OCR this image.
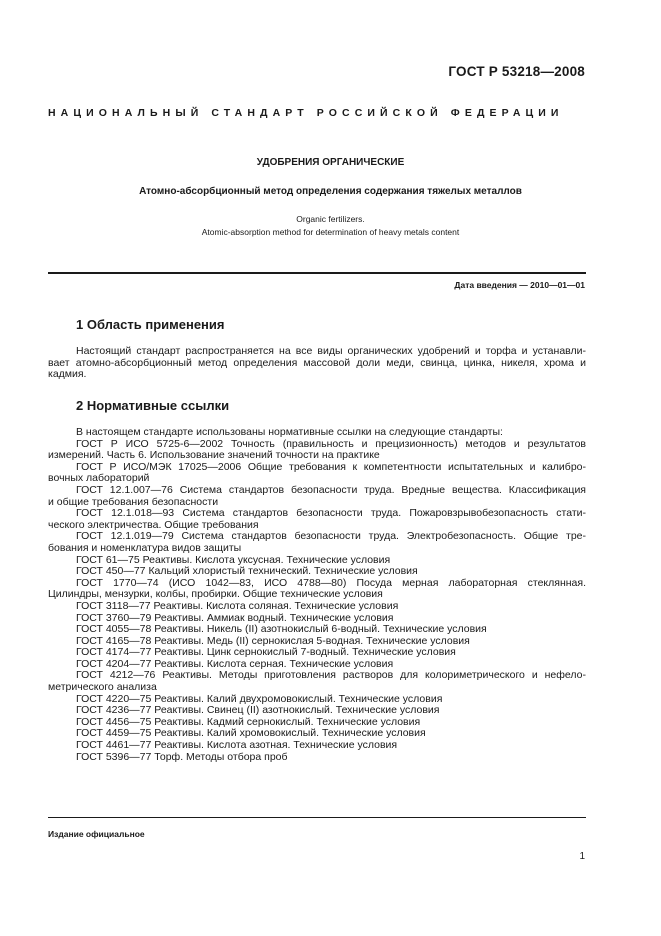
ГОСТ Р 53218—2008
НАЦИОНАЛЬНЫЙ СТАНДАРТ РОССИЙСКОЙ ФЕДЕРАЦИИ
УДОБРЕНИЯ ОРГАНИЧЕСКИЕ
Атомно-абсорбционный метод определения содержания тяжелых металлов
Organic fertilizers.
Atomic-absorption method for determination of heavy metals content
Дата введения — 2010—01—01
1 Область применения
Настоящий стандарт распространяется на все виды органических удобрений и торфа и устанавли-
вает атомно-абсорбционный метод определения массовой доли меди, свинца, цинка, никеля, хрома и
кадмия.
2 Нормативные ссылки
В настоящем стандарте использованы нормативные ссылки на следующие стандарты:
ГОСТ Р ИСО 5725-6—2002 Точность (правильность и прецизионность) методов и результатов
измерений. Часть 6. Использование значений точности на практике
ГОСТ Р ИСО/МЭК 17025—2006 Общие требования к компетентности испытательных и калибро-
вочных лабораторий
ГОСТ 12.1.007—76 Система стандартов безопасности труда. Вредные вещества. Классификация
и общие требования безопасности
ГОСТ 12.1.018—93 Система стандартов безопасности труда. Пожаровзрывобезопасность стати-
ческого электричества. Общие требования
ГОСТ 12.1.019—79 Система стандартов безопасности труда. Электробезопасность. Общие тре-
бования и номенклатура видов защиты
ГОСТ 61—75 Реактивы. Кислота уксусная. Технические условия
ГОСТ 450—77 Кальций хлористый технический. Технические условия
ГОСТ 1770—74 (ИСО 1042—83, ИСО 4788—80) Посуда мерная лабораторная стеклянная.
Цилиндры, мензурки, колбы, пробирки. Общие технические условия
ГОСТ 3118—77 Реактивы. Кислота соляная. Технические условия
ГОСТ 3760—79 Реактивы. Аммиак водный. Технические условия
ГОСТ 4055—78 Реактивы. Никель (II) азотнокислый 6-водный. Технические условия
ГОСТ 4165—78 Реактивы. Медь (II) сернокислая 5-водная. Технические условия
ГОСТ 4174—77 Реактивы. Цинк сернокислый 7-водный. Технические условия
ГОСТ 4204—77 Реактивы. Кислота серная. Технические условия
ГОСТ 4212—76 Реактивы. Методы приготовления растворов для колориметрического и нефело-
метрического анализа
ГОСТ 4220—75 Реактивы. Калий двухромовокислый. Технические условия
ГОСТ 4236—77 Реактивы. Свинец (II) азотнокислый. Технические условия
ГОСТ 4456—75 Реактивы. Кадмий сернокислый. Технические условия
ГОСТ 4459—75 Реактивы. Калий хромовокислый. Технические условия
ГОСТ 4461—77 Реактивы. Кислота азотная. Технические условия
ГОСТ 5396—77 Торф. Методы отбора проб
Издание официальное
1
